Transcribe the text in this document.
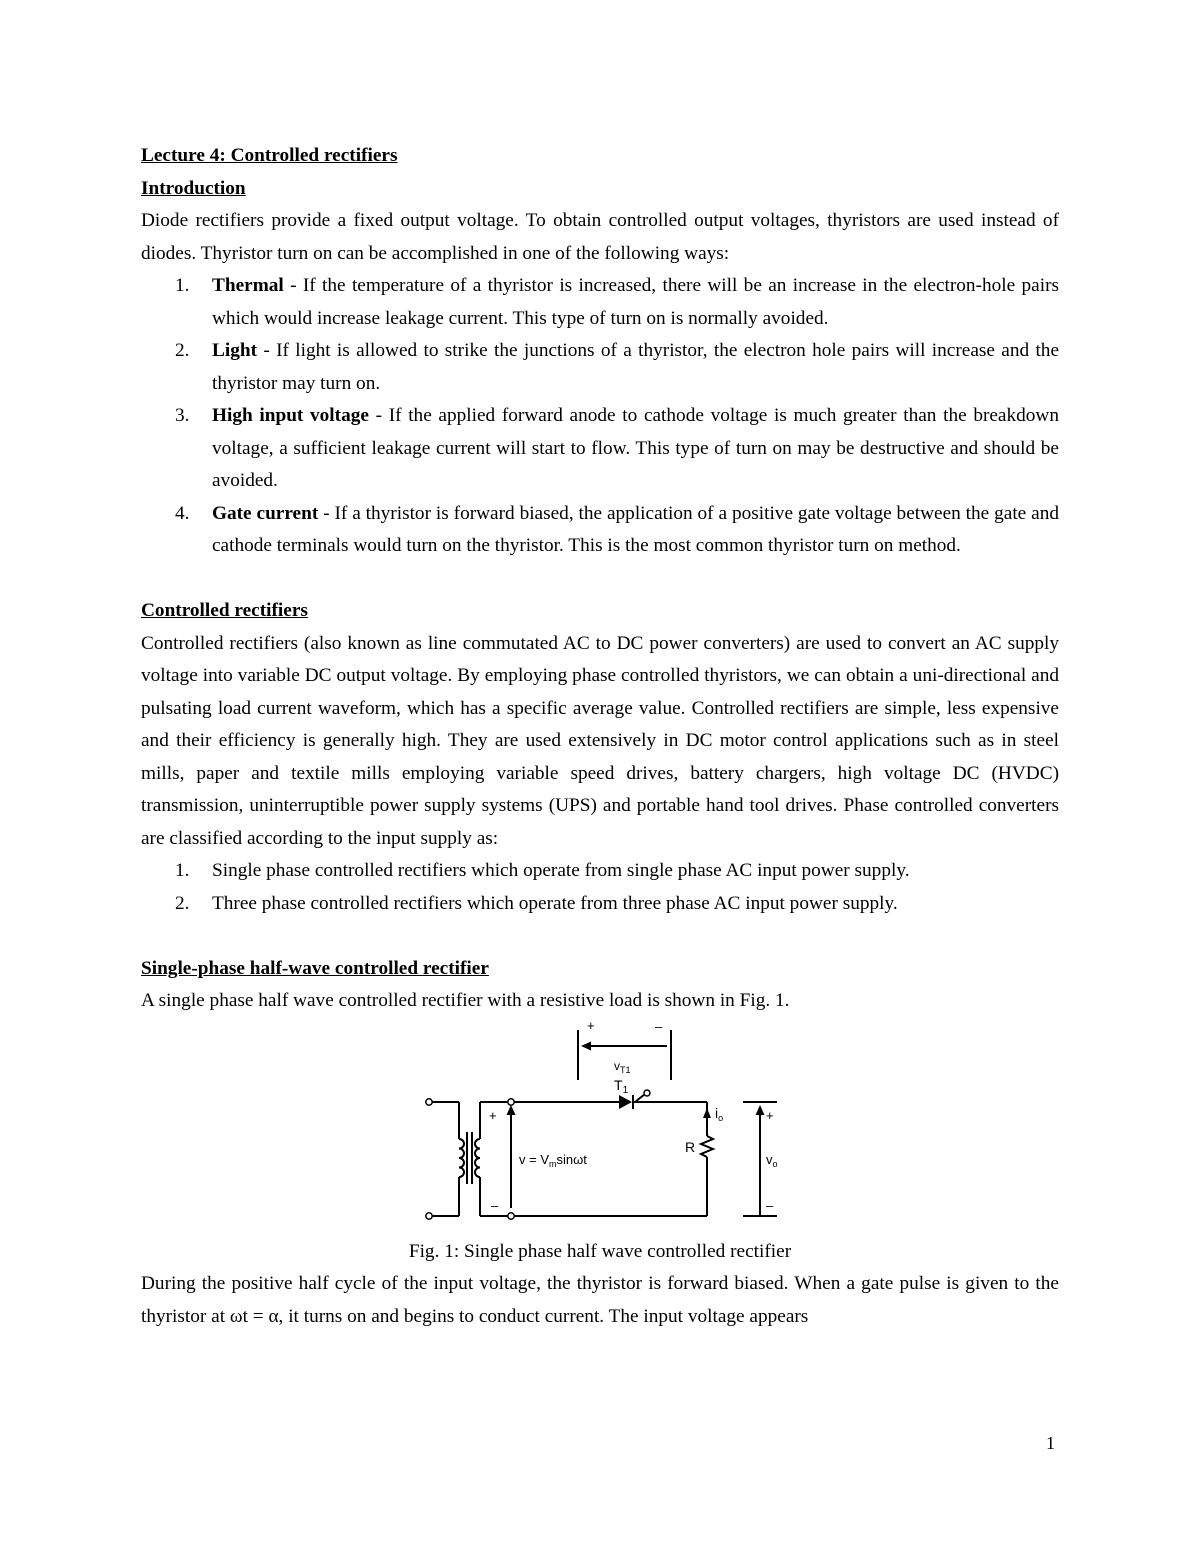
Lecture 4: Controlled rectifiers
Introduction

Diode rectifiers provide a fixed output voltage. To obtain controlled output voltages, thyristors are used instead of diodes. Thyristor turn on can be accomplished in one of the following ways:

1. Thermal - If the temperature of a thyristor is increased, there will be an increase in the electron-hole pairs which would increase leakage current. This type of turn on is normally avoided.
2. Light - If light is allowed to strike the junctions of a thyristor, the electron hole pairs will increase and the thyristor may turn on.
3. High input voltage - If the applied forward anode to cathode voltage is much greater than the breakdown voltage, a sufficient leakage current will start to flow. This type of turn on may be destructive and should be avoided.
4. Gate current - If a thyristor is forward biased, the application of a positive gate voltage between the gate and cathode terminals would turn on the thyristor. This is the most common thyristor turn on method.
Controlled rectifiers

Controlled rectifiers (also known as line commutated AC to DC power converters) are used to convert an AC supply voltage into variable DC output voltage. By employing phase controlled thyristors, we can obtain a uni-directional and pulsating load current waveform, which has a specific average value. Controlled rectifiers are simple, less expensive and their efficiency is generally high. They are used extensively in DC motor control applications such as in steel mills, paper and textile mills employing variable speed drives, battery chargers, high voltage DC (HVDC) transmission, uninterruptible power supply systems (UPS) and portable hand tool drives. Phase controlled converters are classified according to the input supply as:

1. Single phase controlled rectifiers which operate from single phase AC input power supply.
2. Three phase controlled rectifiers which operate from three phase AC input power supply.
Single-phase half-wave controlled rectifier

A single phase half wave controlled rectifier with a resistive load is shown in Fig. 1.

+	–
$v_{T1}$
$T_1$
+
–
$v = V_m\sin\omega t$
$i_o$
R
+
$v_o$
–
Fig. 1: Single phase half wave controlled rectifier

During the positive half cycle of the input voltage, the thyristor is forward biased. When a gate pulse is given to the thyristor at ωt = α, it turns on and begins to conduct current. The input voltage appears

1
